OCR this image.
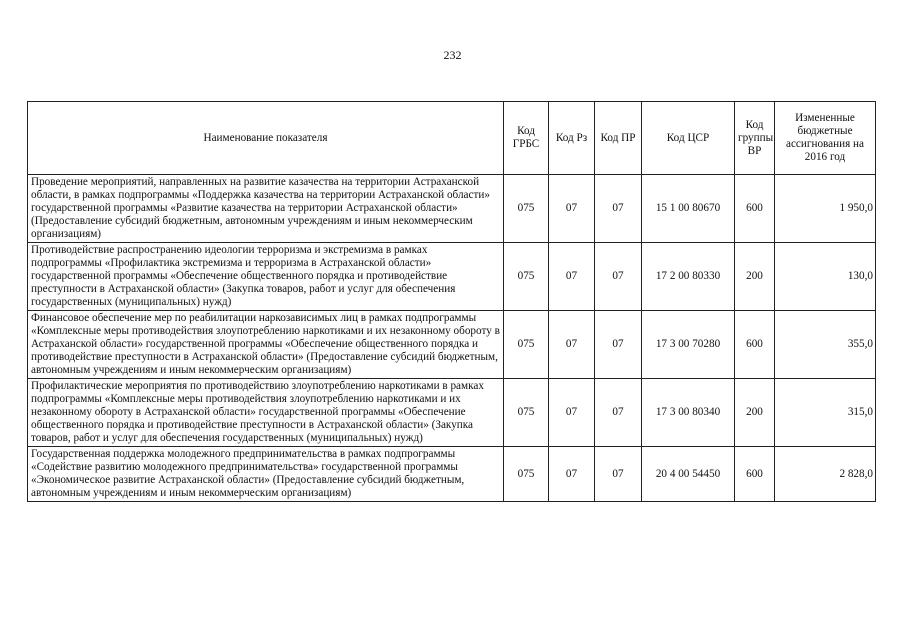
232
Наименование показателя	Код ГРБС	Код Рз	Код ПР	Код ЦСР	Код группы ВР	Измененные бюджетные ассигнования на 2016 год
Проведение мероприятий, направленных на развитие казачества на территории Астраханской области, в рамках подпрограммы «Поддержка казачества на территории Астраханской области» государственной программы «Развитие казачества на территории Астраханской области» (Предоставление субсидий бюджетным, автономным учреждениям и иным некоммерческим организациям)	075	07	07	15 1 00 80670	600	1 950,0
Противодействие распространению идеологии терроризма и экстремизма в рамках подпрограммы «Профилактика экстремизма и терроризма в Астраханской области» государственной программы «Обеспечение общественного порядка и противодействие преступности в Астраханской области» (Закупка товаров, работ и услуг для обеспечения государственных (муниципальных) нужд)	075	07	07	17 2 00 80330	200	130,0
Финансовое обеспечение мер по реабилитации наркозависимых лиц в рамках подпрограммы «Комплексные меры противодействия злоупотреблению наркотиками и их незаконному обороту в Астраханской области» государственной программы «Обеспечение общественного порядка и противодействие преступности в Астраханской области» (Предоставление субсидий бюджетным, автономным учреждениям и иным некоммерческим организациям)	075	07	07	17 3 00 70280	600	355,0
Профилактические мероприятия по противодействию злоупотреблению наркотиками в рамках подпрограммы «Комплексные меры противодействия злоупотреблению наркотиками и их незаконному обороту в Астраханской области» государственной программы «Обеспечение общественного порядка и противодействие преступности в Астраханской области» (Закупка товаров, работ и услуг для обеспечения государственных (муниципальных) нужд)	075	07	07	17 3 00 80340	200	315,0
Государственная поддержка молодежного предпринимательства в рамках подпрограммы «Содействие развитию молодежного предпринимательства» государственной программы «Экономическое развитие Астраханской области» (Предоставление субсидий бюджетным, автономным учреждениям и иным некоммерческим организациям)	075	07	07	20 4 00 54450	600	2 828,0
